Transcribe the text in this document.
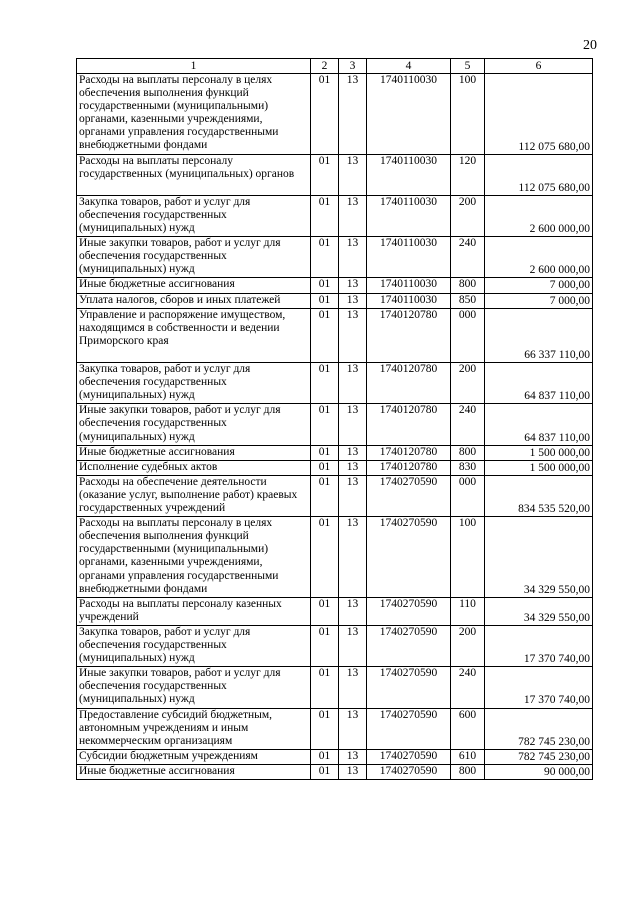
20
1	2	3	4	5	6
Расходы на выплаты персоналу в целях обеспечения выполнения функций государственными (муниципальными) органами, казенными учреждениями, органами управления государственными внебюджетными фондами	01	13	1740110030	100	112 075 680,00
Расходы на выплаты персоналу государственных (муниципальных) органов	01	13	1740110030	120	112 075 680,00
Закупка товаров, работ и услуг для обеспечения государственных (муниципальных) нужд	01	13	1740110030	200	2 600 000,00
Иные закупки товаров, работ и услуг для обеспечения государственных (муниципальных) нужд	01	13	1740110030	240	2 600 000,00
Иные бюджетные ассигнования	01	13	1740110030	800	7 000,00
Уплата налогов, сборов и иных платежей	01	13	1740110030	850	7 000,00
Управление и распоряжение имуществом, находящимся в собственности и ведении Приморского края	01	13	1740120780	000	66 337 110,00
Закупка товаров, работ и услуг для обеспечения государственных (муниципальных) нужд	01	13	1740120780	200	64 837 110,00
Иные закупки товаров, работ и услуг для обеспечения государственных (муниципальных) нужд	01	13	1740120780	240	64 837 110,00
Иные бюджетные ассигнования	01	13	1740120780	800	1 500 000,00
Исполнение судебных актов	01	13	1740120780	830	1 500 000,00
Расходы на обеспечение деятельности (оказание услуг, выполнение работ) краевых государственных учреждений	01	13	1740270590	000	834 535 520,00
Расходы на выплаты персоналу в целях обеспечения выполнения функций государственными (муниципальными) органами, казенными учреждениями, органами управления государственными внебюджетными фондами	01	13	1740270590	100	34 329 550,00
Расходы на выплаты персоналу казенных учреждений	01	13	1740270590	110	34 329 550,00
Закупка товаров, работ и услуг для обеспечения государственных (муниципальных) нужд	01	13	1740270590	200	17 370 740,00
Иные закупки товаров, работ и услуг для обеспечения государственных (муниципальных) нужд	01	13	1740270590	240	17 370 740,00
Предоставление субсидий бюджетным, автономным учреждениям и иным некоммерческим организациям	01	13	1740270590	600	782 745 230,00
Субсидии бюджетным учреждениям	01	13	1740270590	610	782 745 230,00
Иные бюджетные ассигнования	01	13	1740270590	800	90 000,00
